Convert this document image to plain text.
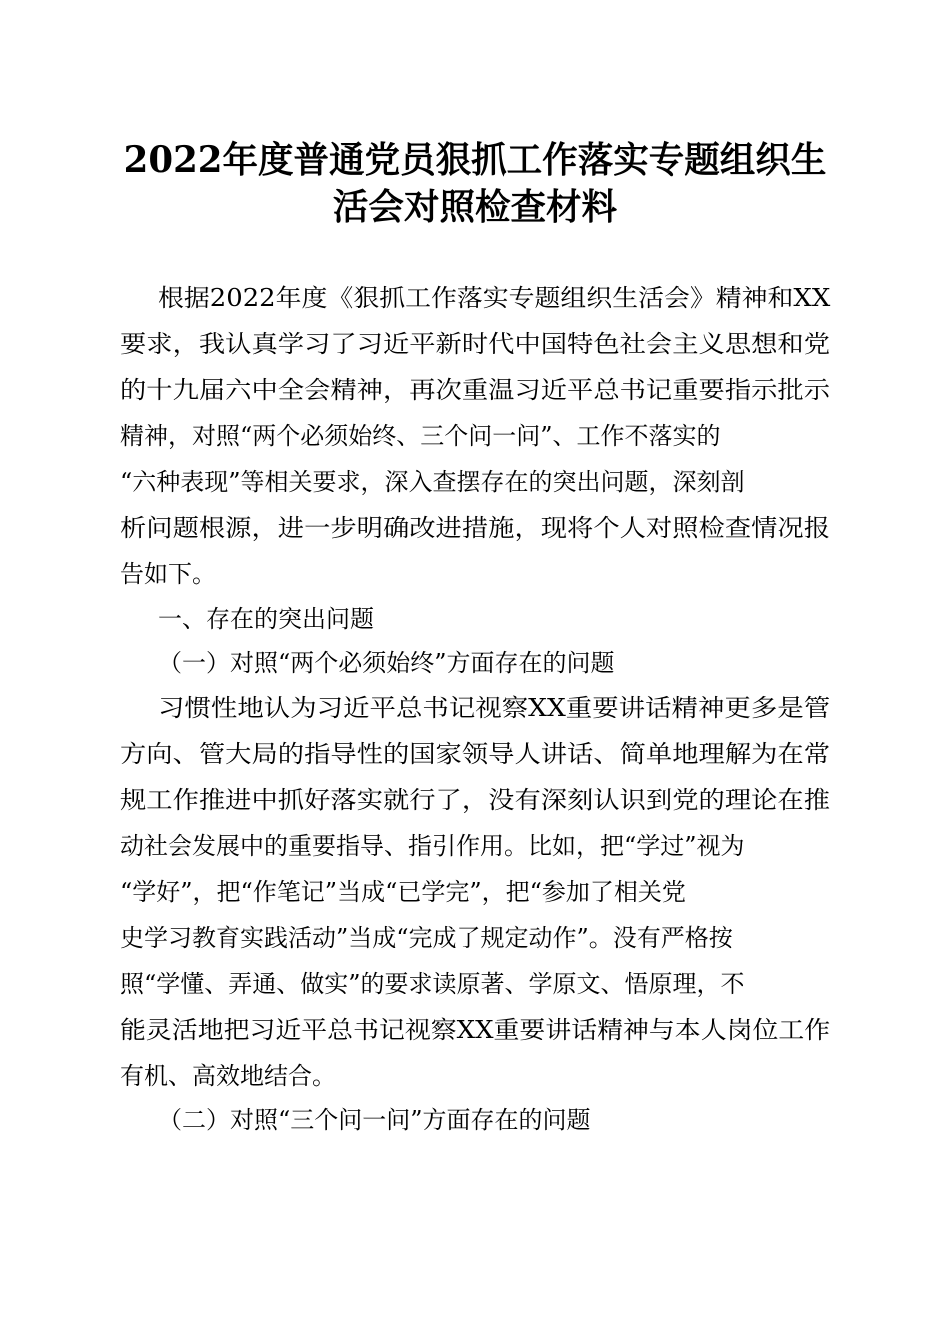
2022年度普通党员狠抓工作落实专题组织生
活会对照检查材料
根据2022年度《狠抓工作落实专题组织生活会》精神和XX
要求，我认真学习了习近平新时代中国特色社会主义思想和党
的十九届六中全会精神，再次重温习近平总书记重要指示批示
精神，对照“两个必须始终、三个问一问”、工作不落实的
“六种表现”等相关要求，深入查摆存在的突出问题，深刻剖
析问题根源，进一步明确改进措施，现将个人对照检查情况报
告如下。
一、存在的突出问题
（一）对照“两个必须始终”方面存在的问题
习惯性地认为习近平总书记视察XX重要讲话精神更多是管
方向、管大局的指导性的国家领导人讲话、简单地理解为在常
规工作推进中抓好落实就行了，没有深刻认识到党的理论在推
动社会发展中的重要指导、指引作用。比如，把“学过”视为
“学好”，把“作笔记”当成“已学完”，把“参加了相关党
史学习教育实践活动”当成“完成了规定动作”。没有严格按
照“学懂、弄通、做实”的要求读原著、学原文、悟原理，不
能灵活地把习近平总书记视察XX重要讲话精神与本人岗位工作
有机、高效地结合。
（二）对照“三个问一问”方面存在的问题
